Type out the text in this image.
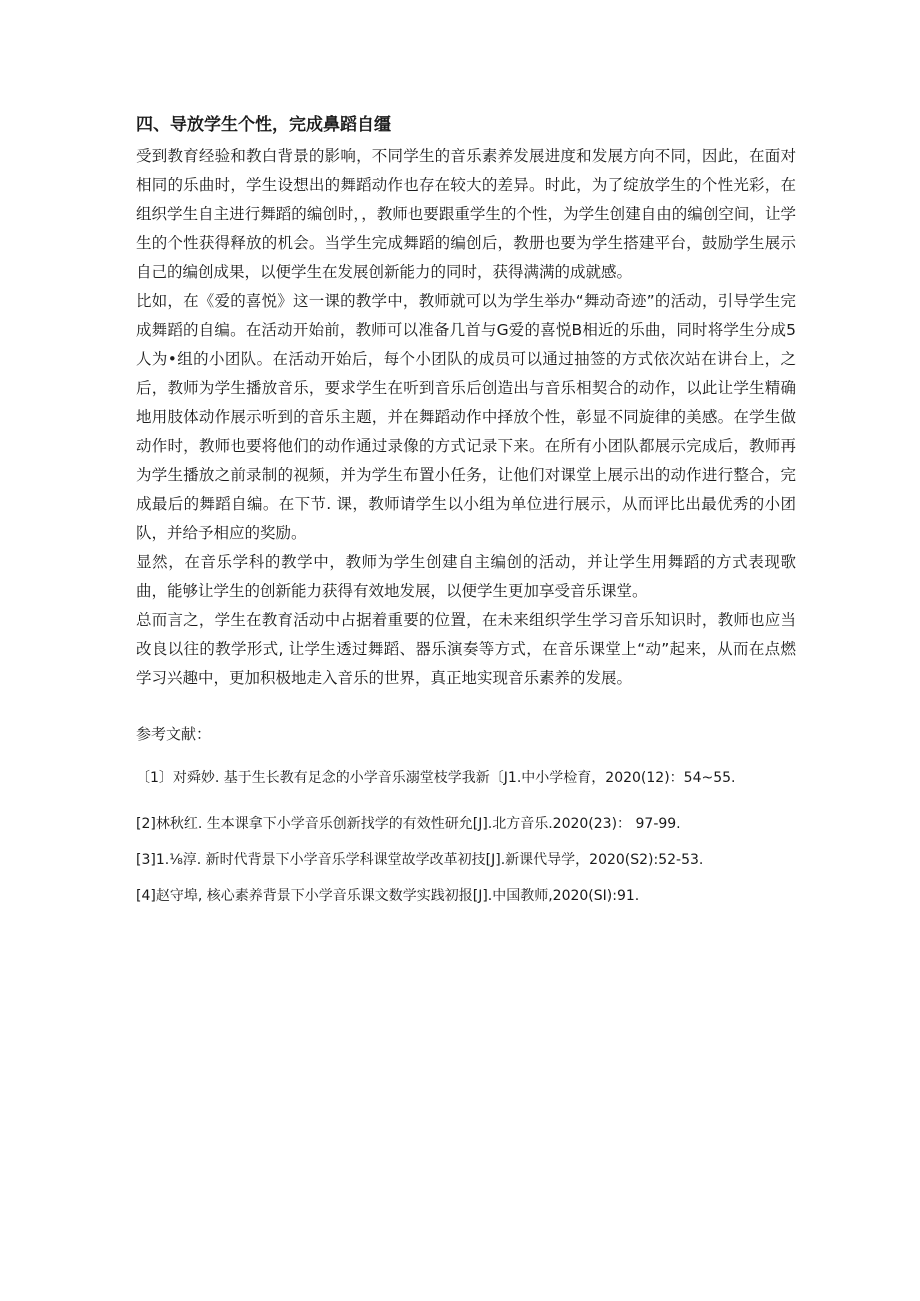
四、导放学生个性，完成鼻蹈自缰

受到教育经验和教白背景的影响，不同学生的音乐素养发展进度和发展方向不同，因此，在面对相同的乐曲时，学生设想出的舞蹈动作也存在较大的差异。时此，为了绽放学生的个性光彩，在组织学生自主进行舞蹈的编创时，，教师也要跟重学生的个性，为学生创建自由的编创空间，让学生的个性获得释放的机会。当学生完成舞蹈的编创后，教册也要为学生搭建平台，鼓励学生展示自己的编创成果，以便学生在发展创新能力的同时，获得满满的成就感。

比如，在《爱的喜悦》这一课的教学中，教师就可以为学生举办“舞动奇迹”的活动，引导学生完成舞蹈的自编。在活动开始前，教师可以准备几首与G爱的喜悦B相近的乐曲，同时将学生分成5人为•组的小团队。在活动开始后，每个小团队的成员可以通过抽签的方式依次站在讲台上，之后，教师为学生播放音乐，要求学生在听到音乐后创造出与音乐相契合的动作，以此让学生精确地用肢体动作展示听到的音乐主题，并在舞蹈动作中择放个性，彰显不同旋律的美感。在学生做动作时，教师也要将他们的动作通过录像的方式记录下来。在所有小团队都展示完成后，教师再为学生播放之前录制的视频，并为学生布置小任务，让他们对课堂上展示出的动作进行整合，完成最后的舞蹈自编。在下节. 课，教师请学生以小组为单位进行展示，从而评比出最优秀的小团队，并给予相应的奖励。

显然，在音乐学科的教学中，教师为学生创建自主编创的活动，并让学生用舞蹈的方式表现歌曲，能够让学生的创新能力获得有效地发展，以便学生更加享受音乐课堂。

总而言之，学生在教育活动中占据着重要的位置，在未来组织学生学习音乐知识时，教师也应当改良以往的教学形式, 让学生透过舞蹈、器乐演奏等方式，在音乐课堂上“动”起来，从而在点燃学习兴趣中，更加积极地走入音乐的世界，真正地实现音乐素养的发展。

参考文献：
〔1〕对舜妙. 基于生长教有足念的小学音乐溺堂枝学我新〔J1.中小学检育，2020(12)：54~55.
[2]林秋红. 生本课拿下小学音乐创新找学的有效性研允[J].北方音乐.2020(23)： 97-99.
[3]1.⅛淳. 新时代背景下小学音乐学科课堂故学改革初技[J].新课代导学，2020(S2):52-53.
[4]赵守埠, 核心素养背景下小学音乐课文数学实践初报[J].中国教师,2020(SI):91.
